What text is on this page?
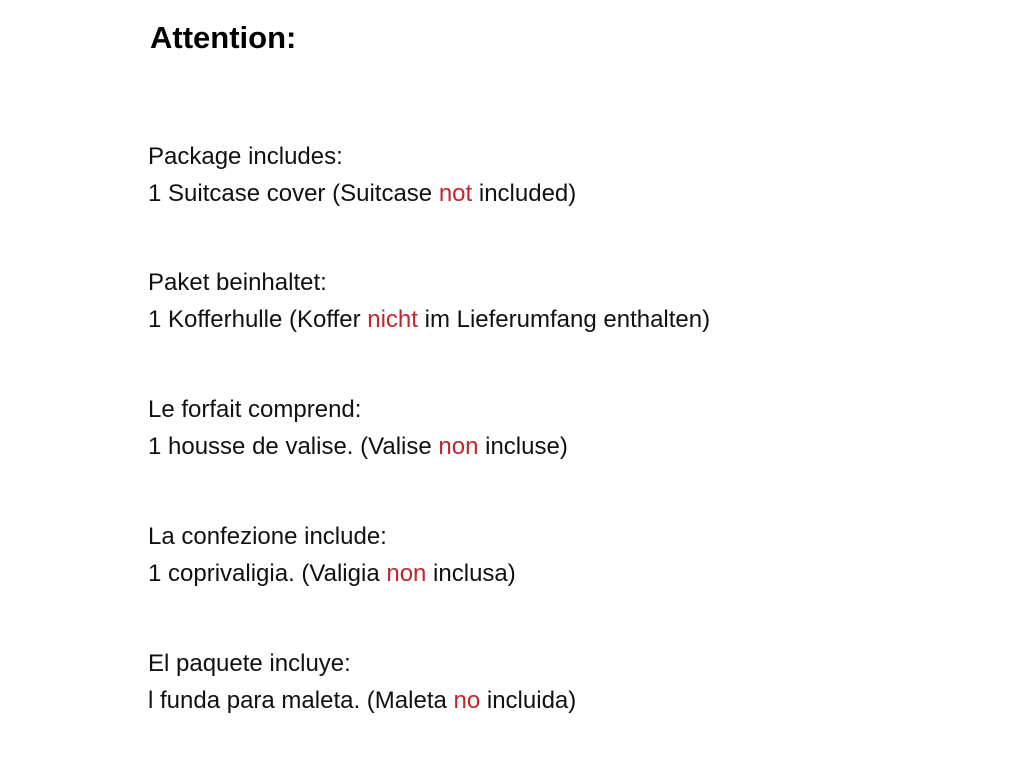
Attention:
Package includes:
1 Suitcase cover (Suitcase not included)
Paket beinhaltet:
1 Kofferhulle (Koffer nicht im Lieferumfang enthalten)
Le forfait comprend:
1 housse de valise. (Valise non incluse)
La confezione include:
1 coprivaligia. (Valigia non inclusa)
El paquete incluye:
l funda para maleta. (Maleta no incluida)
